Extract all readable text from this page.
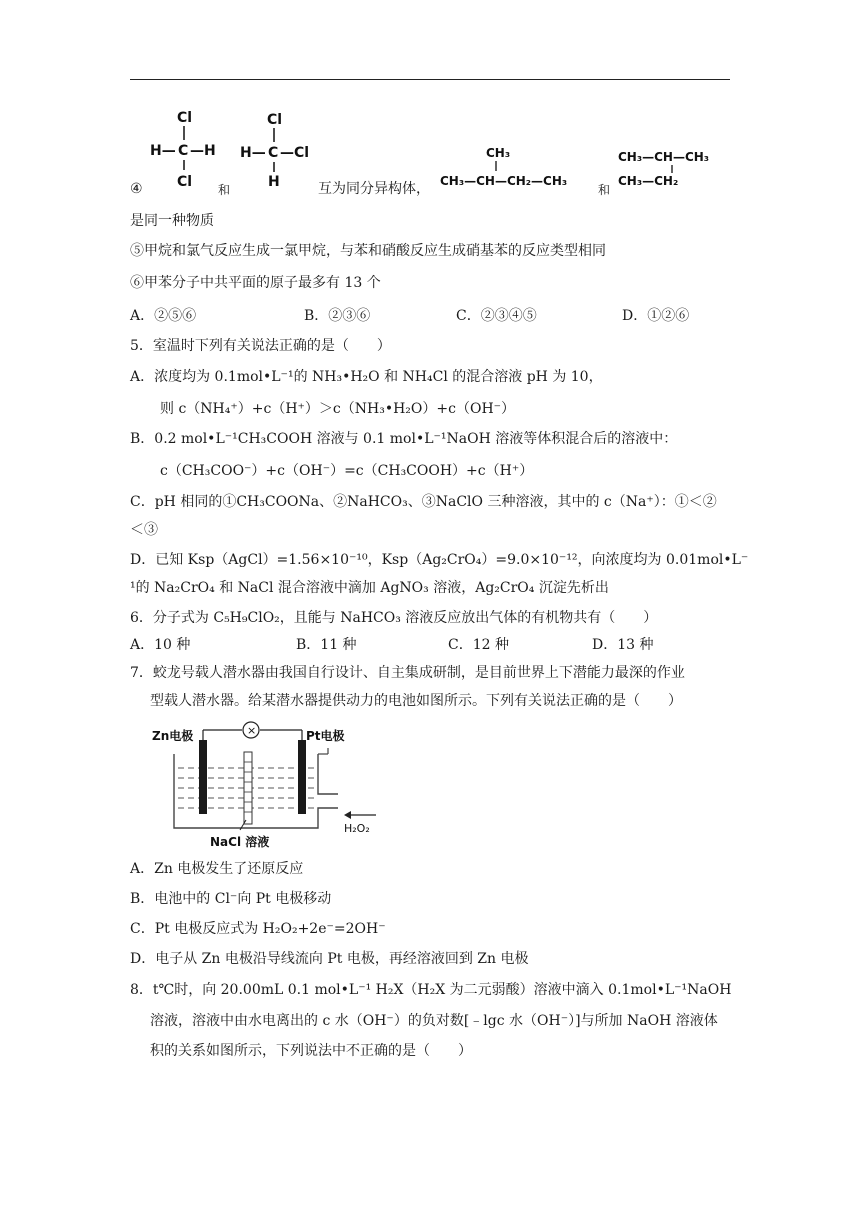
Cl
H— C —H
Cl
Cl
H— C —Cl
H
CH₃
CH₃—CH—CH₂—CH₃
CH₃—CH—CH₃
CH₃—CH₂
④	和	互为同分异构体，	和
是同一种物质
⑤甲烷和氯气反应生成一氯甲烷，与苯和硝酸反应生成硝基苯的反应类型相同
⑥甲苯分子中共平面的原子最多有 13 个
A．②⑤⑥	B．②③⑥	C．②③④⑤	D．①②⑥
5．室温时下列有关说法正确的是（　　）
A．浓度均为 0.1mol•L⁻¹的 NH₃•H₂O 和 NH₄Cl 的混合溶液 pH 为 10，
则 c（NH₄⁺）+c（H⁺）＞c（NH₃•H₂O）+c（OH⁻）
B．0.2 mol•L⁻¹CH₃COOH 溶液与 0.1 mol•L⁻¹NaOH 溶液等体积混合后的溶液中：
c（CH₃COO⁻）+c（OH⁻）=c（CH₃COOH）+c（H⁺）
C．pH 相同的①CH₃COONa、②NaHCO₃、③NaClO 三种溶液，其中的 c（Na⁺）：①＜②
＜③
D．已知 Ksp（AgCl）=1.56×10⁻¹⁰，Ksp（Ag₂CrO₄）=9.0×10⁻¹²，向浓度均为 0.01mol•L⁻
¹的 Na₂CrO₄ 和 NaCl 混合溶液中滴加 AgNO₃ 溶液，Ag₂CrO₄ 沉淀先析出
6．分子式为 C₅H₉ClO₂，且能与 NaHCO₃ 溶液反应放出气体的有机物共有（　　）
A．10 种	B．11 种	C．12 种	D．13 种
7．蛟龙号载人潜水器由我国自行设计、自主集成研制，是目前世界上下潜能力最深的作业
型载人潜水器。给某潜水器提供动力的电池如图所示。下列有关说法正确的是（　　）
×
Zn电极	Pt电极
H₂O₂
NaCl 溶液
A．Zn 电极发生了还原反应
B．电池中的 Cl⁻向 Pt 电极移动
C．Pt 电极反应式为 H₂O₂+2e⁻=2OH⁻
D．电子从 Zn 电极沿导线流向 Pt 电极，再经溶液回到 Zn 电极
8．t℃时，向 20.00mL 0.1 mol•L⁻¹ H₂X（H₂X 为二元弱酸）溶液中滴入 0.1mol•L⁻¹NaOH
溶液，溶液中由水电离出的 c 水（OH⁻）的负对数[﹣lgc 水（OH⁻）]与所加 NaOH 溶液体
积的关系如图所示，下列说法中不正确的是（　　）
